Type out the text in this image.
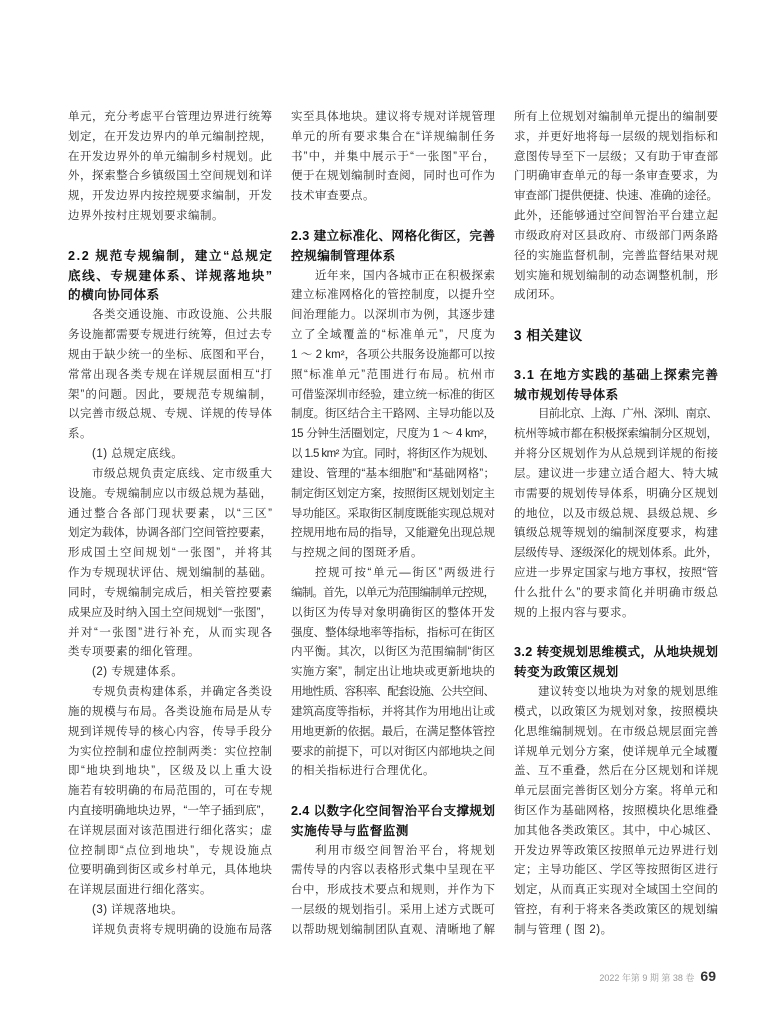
单元，充分考虑平台管理边界进行统筹
划定，在开发边界内的单元编制控规，
在开发边界外的单元编制乡村规划。此
外，探索整合乡镇级国土空间规划和详
规，开发边界内按控规要求编制，开发
边界外按村庄规划要求编制。
2.2 规范专规编制，建立“总规定
底线、专规建体系、详规落地块”
的横向协同体系
各类交通设施、市政设施、公共服
务设施都需要专规进行统筹，但过去专
规由于缺少统一的坐标、底图和平台，
常常出现各类专规在详规层面相互“打
架”的问题。因此，要规范专规编制，
以完善市级总规、专规、详规的传导体
系。
(1) 总规定底线。
市级总规负责定底线、定市级重大
设施。专规编制应以市级总规为基础，
通过整合各部门现状要素，以“三区”
划定为载体，协调各部门空间管控要素，
形成国土空间规划“一张图”，并将其
作为专规现状评估、规划编制的基础。
同时，专规编制完成后，相关管控要素
成果应及时纳入国土空间规划“一张图”，
并对“一张图”进行补充，从而实现各
类专项要素的细化管理。
(2) 专规建体系。
专规负责构建体系，并确定各类设
施的规模与布局。各类设施布局是从专
规到详规传导的核心内容，传导手段分
为实位控制和虚位控制两类：实位控制
即“地块到地块”，区级及以上重大设
施若有较明确的布局范围的，可在专规
内直接明确地块边界，“一竿子插到底”，
在详规层面对该范围进行细化落实；虚
位控制即“点位到地块”，专规设施点
位要明确到街区或乡村单元，具体地块
在详规层面进行细化落实。
(3) 详规落地块。
详规负责将专规明确的设施布局落
实至具体地块。建议将专规对详规管理
单元的所有要求集合在“详规编制任务
书”中，并集中展示于“一张图”平台，
便于在规划编制时查阅，同时也可作为
技术审查要点。
2.3 建立标准化、网格化街区，完善
控规编制管理体系
近年来，国内各城市正在积极探索
建立标准网格化的管控制度，以提升空
间治理能力。以深圳市为例，其逐步建
立了全域覆盖的“标准单元”，尺度为
1 ～ 2 km²，各项公共服务设施都可以按
照“标准单元”范围进行布局。杭州市
可借鉴深圳市经验，建立统一标准的街区
制度。街区结合主干路网、主导功能以及
15 分钟生活圈划定，尺度为 1 ～ 4 km²，
以 1.5 km² 为宜。同时，将街区作为规划、
建设、管理的“基本细胞”和“基础网格”；
制定街区划定方案，按照街区规划划定主
导功能区。采取街区制度既能实现总规对
控规用地布局的指导，又能避免出现总规
与控规之间的图斑矛盾。
控规可按“单元—街区”两级进行
编制。首先，以单元为范围编制单元控规，
以街区为传导对象明确街区的整体开发
强度、整体绿地率等指标，指标可在街区
内平衡。其次，以街区为范围编制“街区
实施方案”，制定出让地块或更新地块的
用地性质、容积率、配套设施、公共空间、
建筑高度等指标，并将其作为用地出让或
用地更新的依据。最后，在满足整体管控
要求的前提下，可以对街区内部地块之间
的相关指标进行合理优化。
2.4 以数字化空间智治平台支撑规划
实施传导与监督监测
利用市级空间智治平台，将规划
需传导的内容以表格形式集中呈现在平
台中，形成技术要点和规则，并作为下
一层级的规划指引。采用上述方式既可
以帮助规划编制团队直观、清晰地了解
所有上位规划对编制单元提出的编制要
求，并更好地将每一层级的规划指标和
意图传导至下一层级；又有助于审查部
门明确审查单元的每一条审查要求，为
审查部门提供便捷、快速、准确的途径。
此外，还能够通过空间智治平台建立起
市级政府对区县政府、市级部门两条路
径的实施监督机制，完善监督结果对规
划实施和规划编制的动态调整机制，形
成闭环。
3 相关建议
3.1 在地方实践的基础上探索完善
城市规划传导体系
目前北京、上海、广州、深圳、南京、
杭州等城市都在积极探索编制分区规划，
并将分区规划作为从总规到详规的衔接
层。建议进一步建立适合超大、特大城
市需要的规划传导体系，明确分区规划
的地位，以及市级总规、县级总规、乡
镇级总规等规划的编制深度要求，构建
层级传导、逐级深化的规划体系。此外，
应进一步界定国家与地方事权，按照“管
什么批什么”的要求简化并明确市级总
规的上报内容与要求。
3.2 转变规划思维模式，从地块规划
转变为政策区规划
建议转变以地块为对象的规划思维
模式，以政策区为规划对象，按照模块
化思维编制规划。在市级总规层面完善
详规单元划分方案，使详规单元全域覆
盖、互不重叠，然后在分区规划和详规
单元层面完善街区划分方案。将单元和
街区作为基础网格，按照模块化思维叠
加其他各类政策区。其中，中心城区、
开发边界等政策区按照单元边界进行划
定；主导功能区、学区等按照街区进行
划定，从而真正实现对全域国土空间的
管控，有利于将来各类政策区的规划编
制与管理 ( 图 2)。
2022 年第 9 期 第 38 卷 69
